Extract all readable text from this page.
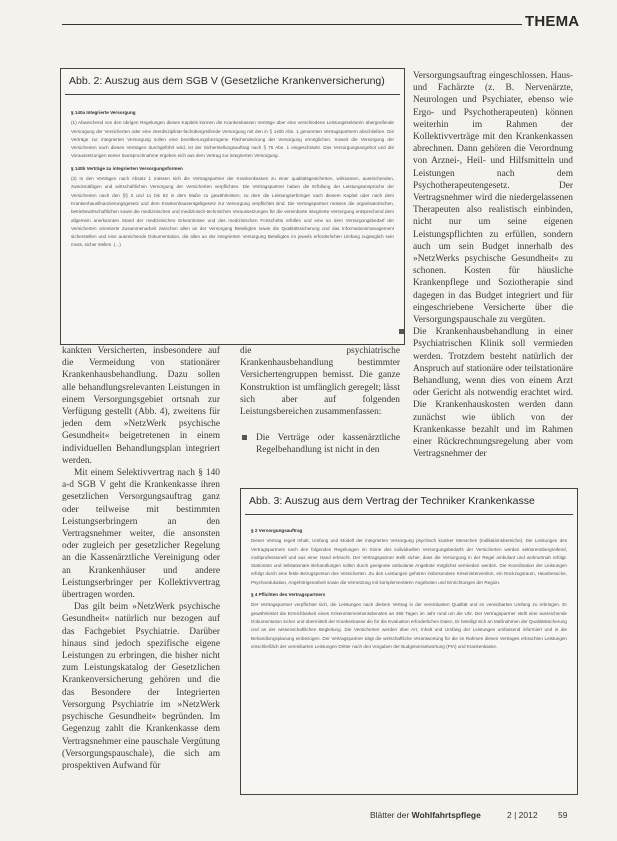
THEMA
Abb. 2: Auszug aus dem SGB V (Gesetzliche Krankenversicherung)

§ 140a Integrierte Versorgung

(1) Abweichend von den übrigen Regelungen dieses Kapitels können die Krankenkassen Verträge über eine verschiedene Leistungssektoren übergreifende Versorgung der Versicherten oder eine interdisziplinär-fachübergreifende Versorgung mit den in § 140b Abs. 1 genannten Vertragspartnern abschließen. Die Verträge zur integrierten Versorgung sollen eine bevölkerungsbezogene Flächendeckung der Versorgung ermöglichen. Soweit die Versorgung der Versicherten nach diesen Verträgen durchgeführt wird, ist der Sicherstellungsauftrag nach § 75 Abs. 1 eingeschränkt. Das Versorgungsangebot und die Voraussetzungen seiner Inanspruchnahme ergeben sich aus dem Vertrag zur integrierten Versorgung.

§ 140b Verträge zu integrierten Versorgungsformen

(3) In den Verträgen nach Absatz 1 müssen sich die Vertragspartner der Krankenkassen zu einer qualitätsgesicherten, wirksamen, ausreichenden, zweckmäßigen und wirtschaftlichen Versorgung der Versicherten verpflichten. Die Vertragspartner haben die Erfüllung der Leistungsansprüche der Versicherten nach den §§ 2 und 11 bis 62 in dem Maße zu gewährleisten, zu dem die Leistungserbringer nach diesem Kapitel oder nach dem Krankenhausfinanzierungsgesetz und dem Krankenhausentgeltgesetz zur Versorgung verpflichtet sind. Die Vertragspartner müssen die organisatorischen, betriebswirtschaftlichen sowie die medizinischen und medizinisch-technischen Voraussetzungen für die vereinbarte integrierte Versorgung entsprechend dem allgemein anerkannten Stand der medizinischen Erkenntnisse und des medizinischen Fortschritts erfüllen und eine an dem Versorgungsbedarf der Versicherten orientierte Zusammenarbeit zwischen allen an der Versorgung Beteiligten sowie die Qualitätssicherung und das Informationsmanagement sicherstellen und eine ausreichende Dokumentation, die allen an der integrierten Versorgung Beteiligten im jeweils erforderlichen Umfang zugänglich sein muss, sicher stellen. (...)

kankten Versicherten, insbesondere auf die Vermeidung von stationärer Krankenhausbehandlung. Dazu sollen alle behandlungsrelevanten Leistungen in einem Versorgungsgebiet ortsnah zur Verfügung gestellt (Abb. 4), zweitens für jeden dem »NetzWerk psychische Gesundheit« beigetretenen in einem individuellen Behandlungsplan integriert werden.

Mit einem Selektivvertrag nach § 140 a-d SGB V geht die Krankenkasse ihren gesetzlichen Versorgungsauftrag ganz oder teilweise mit bestimmten Leistungserbringern an den Vertragsnehmer weiter, die ansonsten oder zugleich per gesetzlicher Regelung an die Kassenärztliche Vereinigung oder an Krankenhäuser und andere Leistungserbringer per Kollektivvertrag übertragen worden.

Das gilt beim »NetzWerk psychische Gesundheit« natürlich nur bezogen auf das Fachgebiet Psychiatrie. Darüber hinaus sind jedoch spezifische eigene Leistungen zu erbringen, die bisher nicht zum Leistungskatalog der Gesetzlichen Krankenversicherung gehören und die das Besondere der Integrierten Versorgung Psychiatrie im »NetzWerk psychische Gesundheit« begründen. Im Gegenzug zahlt die Krankenkasse dem Vertragsnehmer eine pauschale Vergütung (Versorgungspauschale), die sich am prospektiven Aufwand für

die psychiatrische Krankenhausbehandlung bestimmter Versichertengruppen bemisst. Die ganze Konstruktion ist umfänglich geregelt; lässt sich aber auf folgenden Leistungsbereichen zusammenfassen:

Die Verträge oder kassenärztliche Regelbehandlung ist nicht in den

Versorgungsauftrag eingeschlossen. Haus- und Fachärzte (z. B. Nervenärzte, Neurologen und Psychiater, ebenso wie Ergo- und Psychotherapeuten) können weiterhin im Rahmen der Kollektivverträge mit den Krankenkassen abrechnen. Dann gehören die Verordnung von Arznei-, Heil- und Hilfsmitteln und Leistungen nach dem Psychotherapeutengesetz. Der Vertragsnehmer wird die niedergelassenen Therapeuten also realistisch einbinden, nicht nur um seine eigenen Leistungspflichten zu erfüllen, sondern auch um sein Budget innerhalb des »NetzWerks psychische Gesundheit« zu schonen. Kosten für häusliche Krankenpflege und Soziotherapie sind dagegen in das Budget integriert und für eingeschriebene Versicherte über die Versorgungspauschale zu vergüten.

Die Krankenhausbehandlung in einer Psychiatrischen Klinik soll vermieden werden. Trotzdem besteht natürlich der Anspruch auf stationäre oder teilstationäre Behandlung, wenn dies von einem Arzt oder Gericht als notwendig erachtet wird. Die Krankenhauskosten werden dann zunächst wie üblich von der Krankenkasse bezahlt und im Rahmen einer Rückrechnungsregelung aber vom Vertragsnehmer der
Abb. 3: Auszug aus dem Vertrag der Techniker Krankenkasse

§ 2 Versorgungsauftrag

Dieser Vertrag regelt Inhalt, Umfang und Modell der integrierten Versorgung psychisch kranker Menschen (Indikationsbereiche). Die Leistungen des Vertragspartners nach den folgenden Regelungen im Sinne des individuellen Versorgungsbedarfs der Versicherten werden sektorenübergreifend, multiprofessionell und aus einer Hand erbracht. Der Vertragspartner stellt sicher, dass die Versorgung in der Regel ambulant und wohnortnah erfolgt. Stationäre und teilstationäre Behandlungen sollen durch geeignete ambulante Angebote möglichst vermieden werden. Die Koordination der Leistungen erfolgt durch eine feste Bezugsperson des Versicherten. Zu den Leistungen gehören insbesondere Krisenintervention, ein Rückzugsraum, Hausbesuche, Psychoedukation, Angehörigenarbeit sowie die Vernetzung mit komplementären Angeboten und Einrichtungen der Region.

§ 4 Pflichten des Vertragspartners

Der Vertragspartner verpflichtet sich, die Leistungen nach diesem Vertrag in der vereinbarten Qualität und im vereinbarten Umfang zu erbringen. Er gewährleistet die Erreichbarkeit eines Kriseninterventionsdienstes an 365 Tagen im Jahr rund um die Uhr. Der Vertragspartner stellt eine ausreichende Dokumentation sicher und übermittelt der Krankenkasse die für die Evaluation erforderlichen Daten. Er beteiligt sich an Maßnahmen der Qualitätssicherung und an der wissenschaftlichen Begleitung. Die Versicherten werden über Art, Inhalt und Umfang der Leistungen umfassend informiert und in die Behandlungsplanung einbezogen. Der Vertragspartner trägt die wirtschaftliche Verantwortung für die im Rahmen dieses Vertrages erbrachten Leistungen einschließlich der vereinbarten Leistungen Dritter nach den Vorgaben der Budgetverantwortung (PIA) und Krankenkasse.

Blätter der Wohlfahrtspflege	2 | 2012 59
